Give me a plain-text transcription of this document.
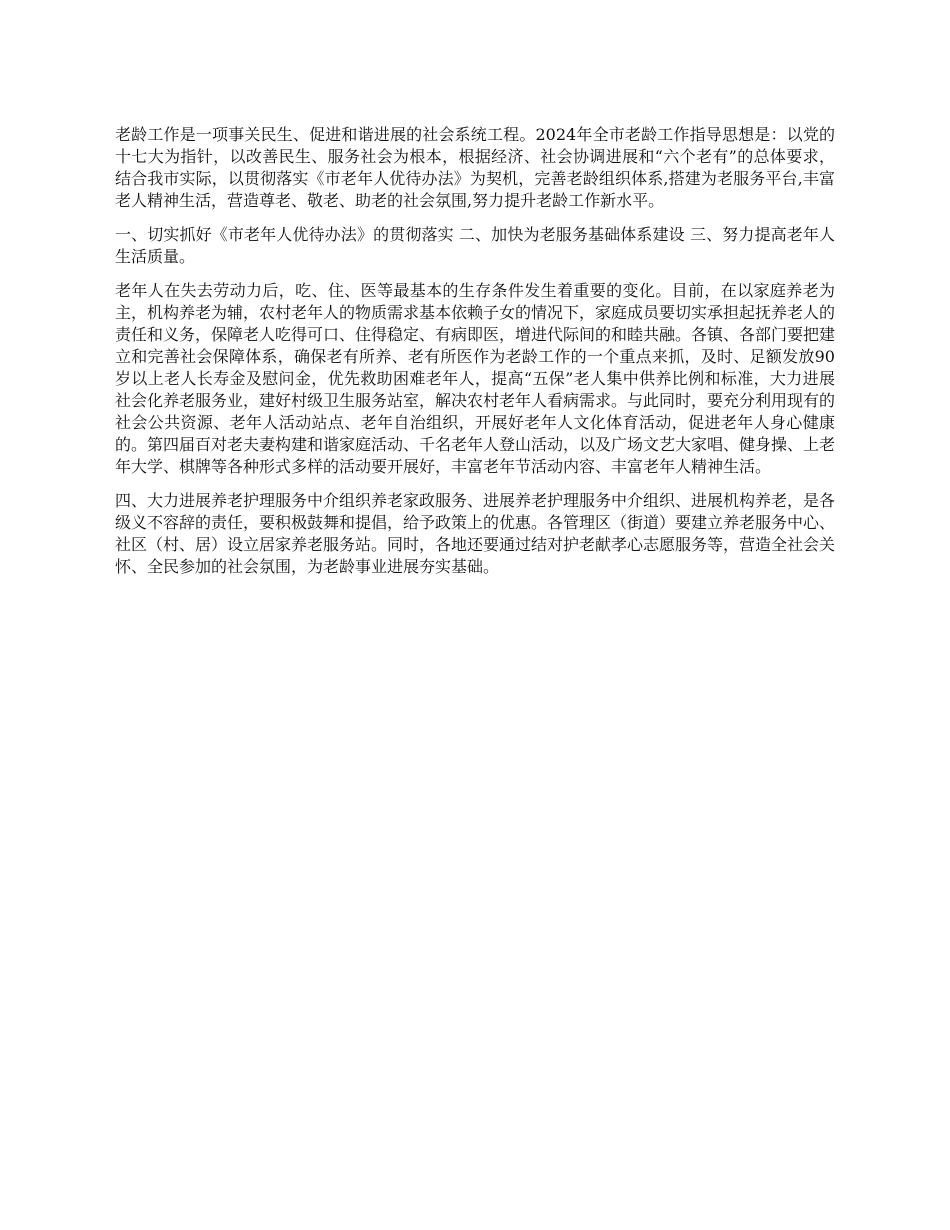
老龄工作是一项事关民生、促进和谐进展的社会系统工程。2024年全市老龄工作指导思想是：以党的十七大为指针，以改善民生、服务社会为根本，根据经济、社会协调进展和“六个老有”的总体要求，结合我市实际，以贯彻落实《市老年人优待办法》为契机，完善老龄组织体系,搭建为老服务平台,丰富老人精神生活，营造尊老、敬老、助老的社会氛围,努力提升老龄工作新水平。

一、切实抓好《市老年人优待办法》的贯彻落实 二、加快为老服务基础体系建设 三、努力提高老年人生活质量。

老年人在失去劳动力后，吃、住、医等最基本的生存条件发生着重要的变化。目前，在以家庭养老为主，机构养老为辅，农村老年人的物质需求基本依赖子女的情况下，家庭成员要切实承担起抚养老人的责任和义务，保障老人吃得可口、住得稳定、有病即医，增进代际间的和睦共融。各镇、各部门要把建立和完善社会保障体系，确保老有所养、老有所医作为老龄工作的一个重点来抓，及时、足额发放90岁以上老人长寿金及慰问金，优先救助困难老年人，提高“五保”老人集中供养比例和标准，大力进展社会化养老服务业，建好村级卫生服务站室，解决农村老年人看病需求。与此同时，要充分利用现有的社会公共资源、老年人活动站点、老年自治组织，开展好老年人文化体育活动，促进老年人身心健康的。第四届百对老夫妻构建和谐家庭活动、千名老年人登山活动，以及广场文艺大家唱、健身操、上老年大学、棋牌等各种形式多样的活动要开展好，丰富老年节活动内容、丰富老年人精神生活。

四、大力进展养老护理服务中介组织养老家政服务、进展养老护理服务中介组织、进展机构养老，是各级义不容辞的责任，要积极鼓舞和提倡，给予政策上的优惠。各管理区（街道）要建立养老服务中心、社区（村、居）设立居家养老服务站。同时，各地还要通过结对护老献孝心志愿服务等，营造全社会关怀、全民参加的社会氛围，为老龄事业进展夯实基础。
